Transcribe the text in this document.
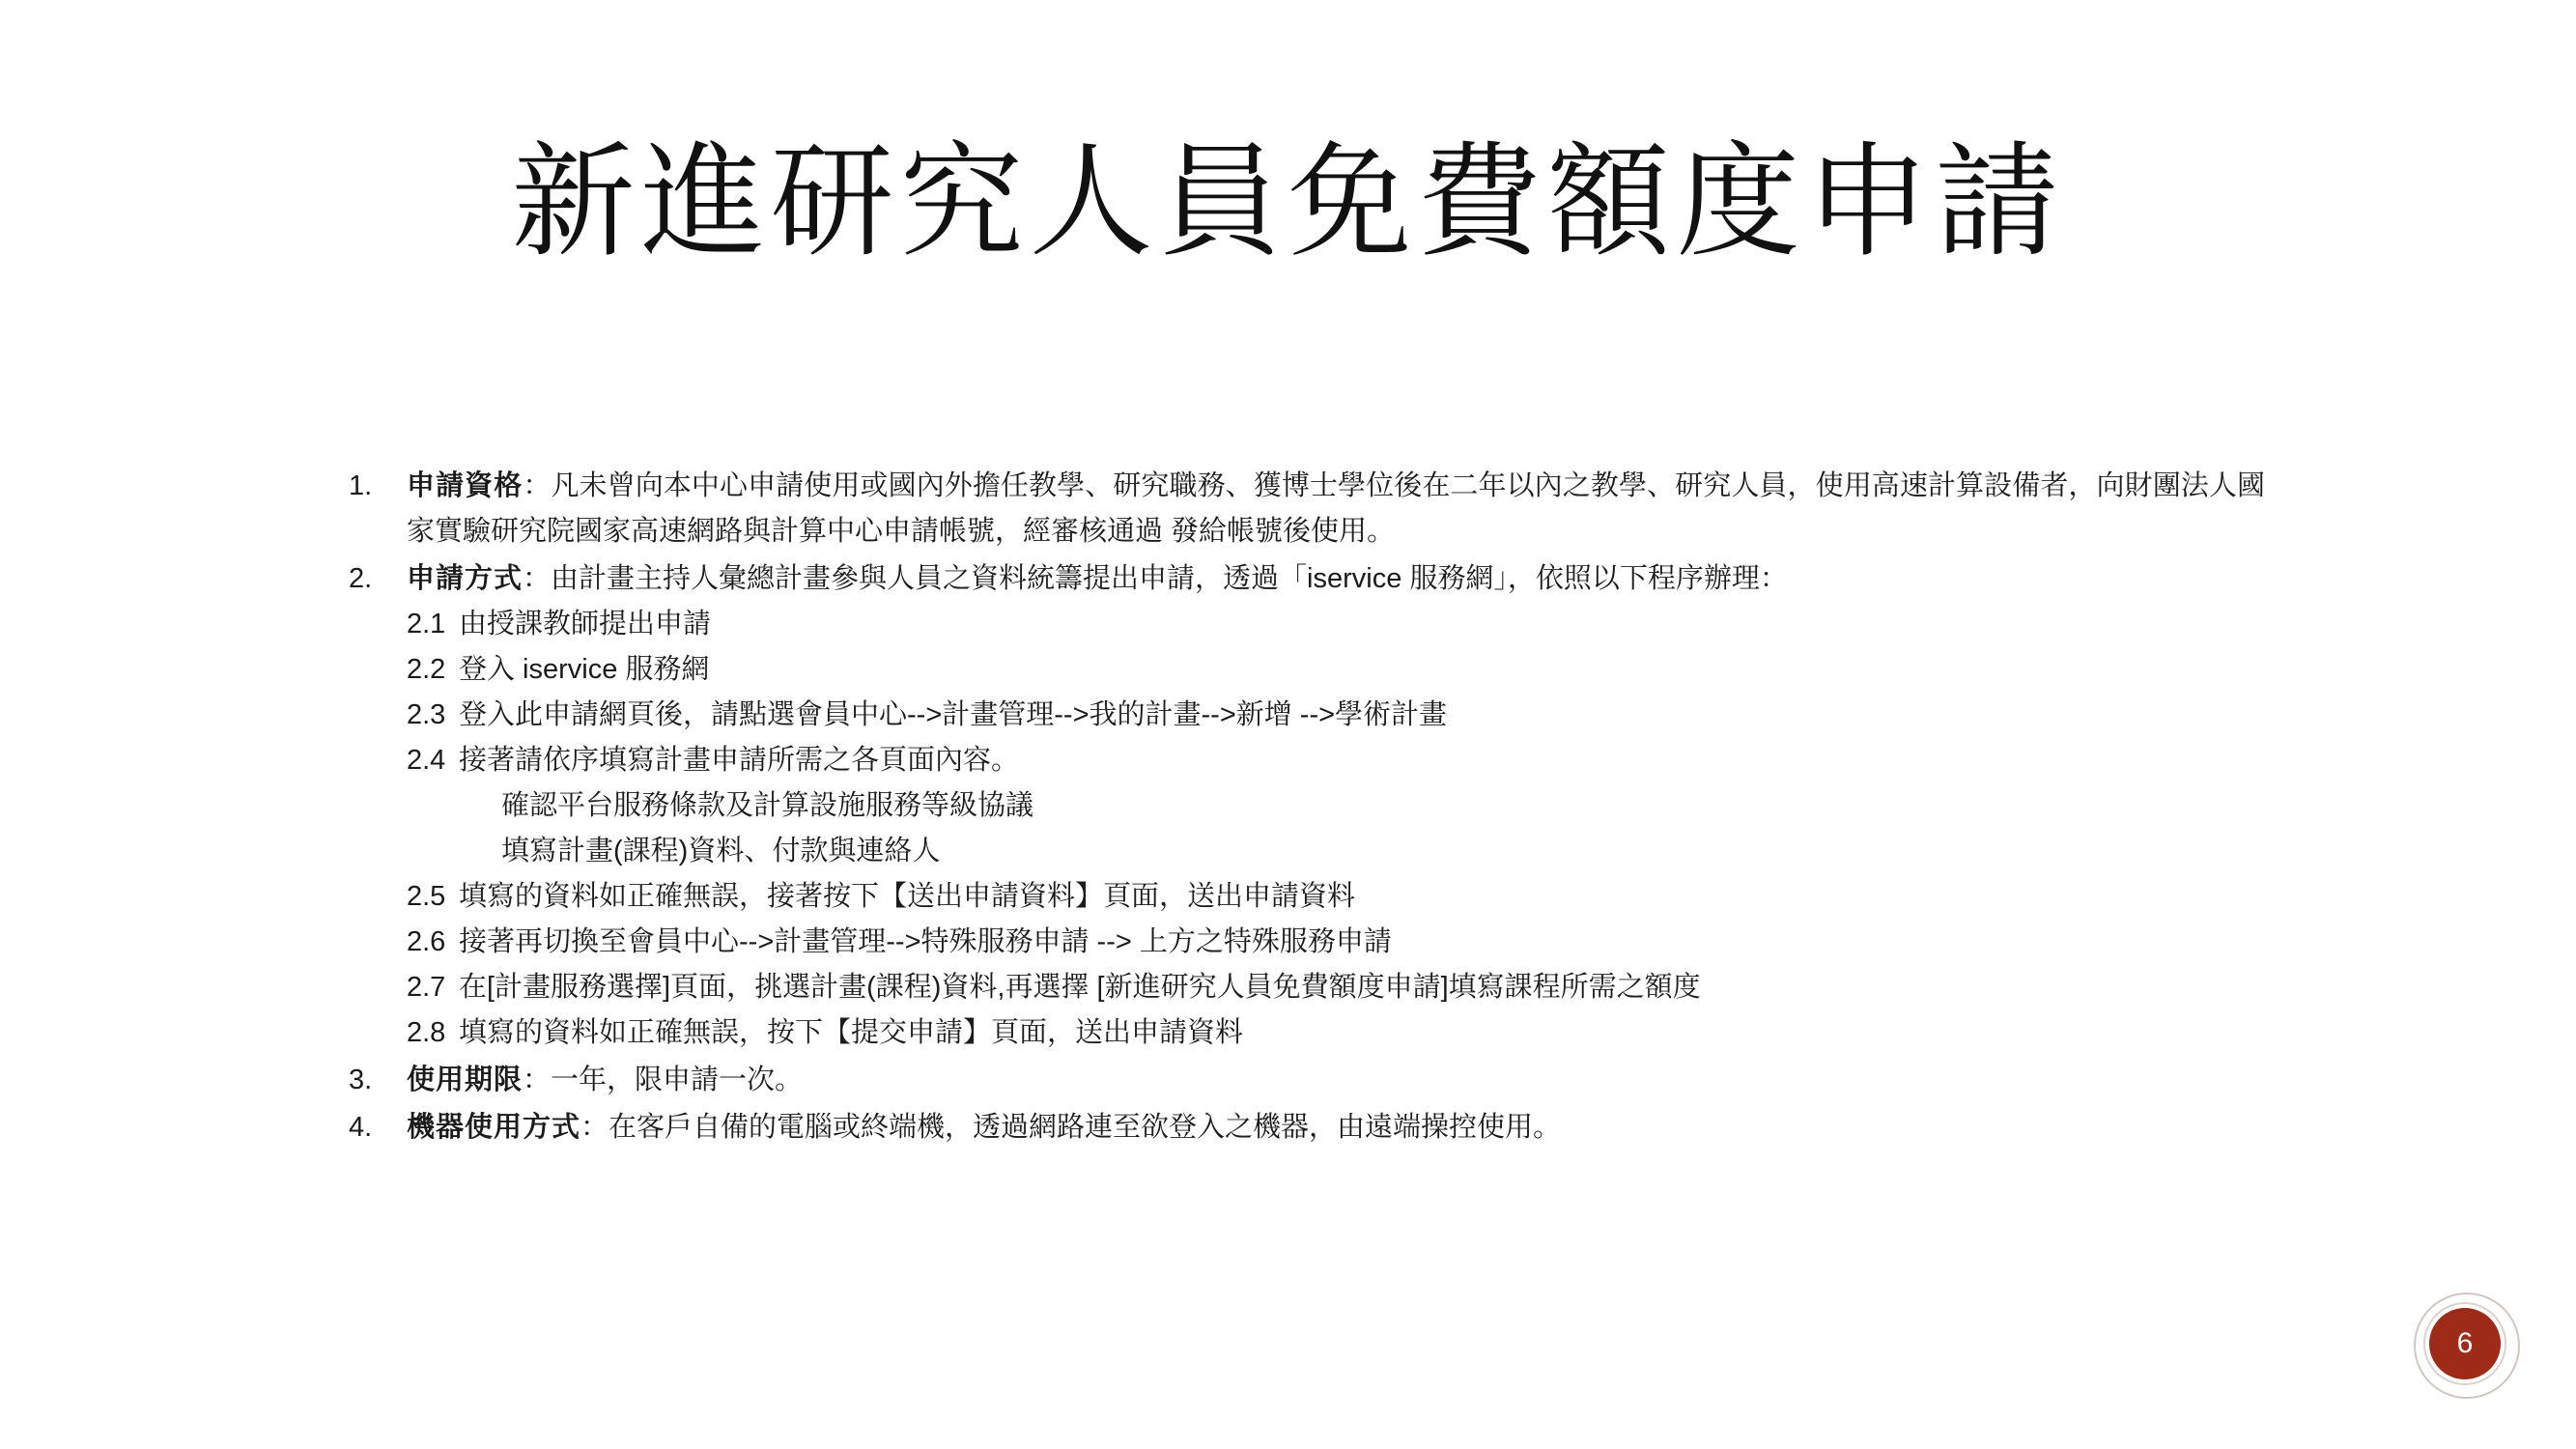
新進研究人員免費額度申請
申請資格：凡未曾向本中心申請使用或國內外擔任教學、研究職務、獲博士學位後在二年以內之教學、研究人員，使用高速計算設備者，向財團法人國家實驗研究院國家高速網路與計算中心申請帳號，經審核通過 發給帳號後使用。
申請方式：由計畫主持人彙總計畫參與人員之資料統籌提出申請，透過「iservice 服務網」，依照以下程序辦理：
2.1 由授課教師提出申請
2.2 登入 iservice 服務網
2.3 登入此申請網頁後，請點選會員中心-->計畫管理-->我的計畫-->新增 -->學術計畫
2.4 接著請依序填寫計畫申請所需之各頁面內容。
確認平台服務條款及計算設施服務等級協議
填寫計畫(課程)資料、付款與連絡人
2.5 填寫的資料如正確無誤，接著按下【送出申請資料】頁面，送出申請資料
2.6 接著再切換至會員中心-->計畫管理-->特殊服務申請 --> 上方之特殊服務申請
2.7 在[計畫服務選擇]頁面，挑選計畫(課程)資料,再選擇 [新進研究人員免費額度申請]填寫課程所需之額度
2.8 填寫的資料如正確無誤，按下【提交申請】頁面，送出申請資料
使用期限：一年，限申請一次。
機器使用方式：在客戶自備的電腦或終端機，透過網路連至欲登入之機器，由遠端操控使用。
6
